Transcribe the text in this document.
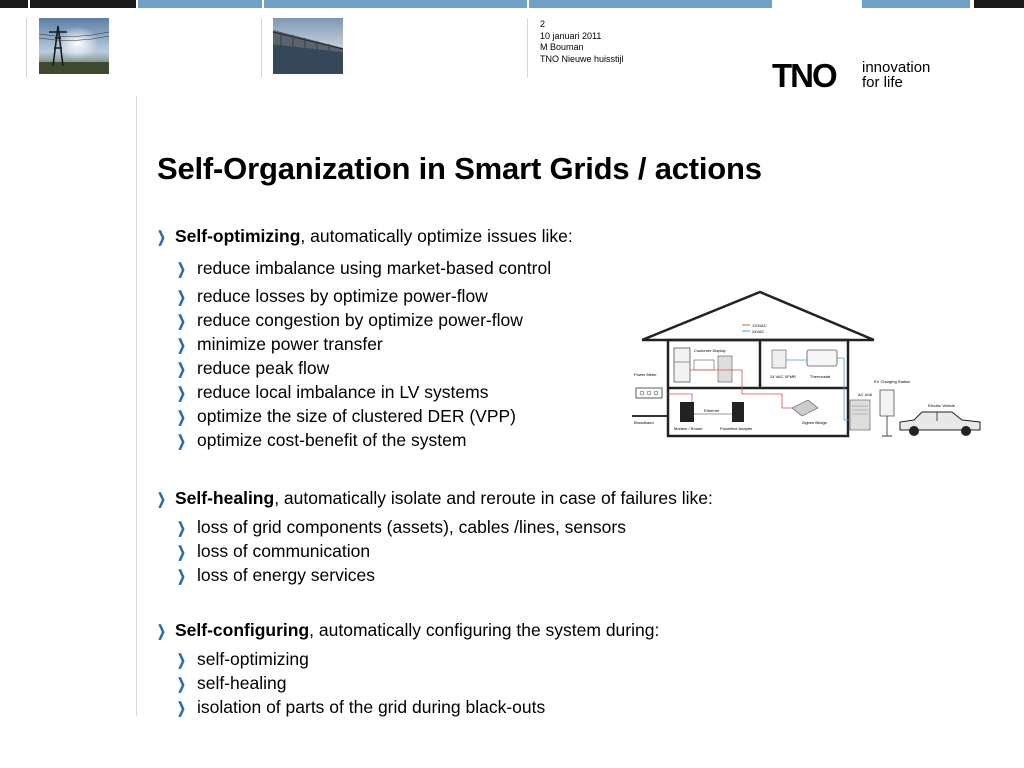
2
10 januari 2011
M Bouman
TNO Nieuwe huisstijl	TNO innovation
for life
Self-Organization in Smart Grids / actions
❯ Self-optimizing, automatically optimize issues like:
❯ reduce imbalance using market-based control
❯ reduce losses by optimize power-flow
❯ reduce congestion by optimize power-flow
❯ minimize power transfer
❯ reduce peak flow
❯ reduce local imbalance in LV systems
❯ optimize the size of clustered DER (VPP)
❯ optimize cost-benefit of the system
❯ Self-healing, automatically isolate and reroute in case of failures like:
❯ loss of grid components (assets), cables /lines, sensors
❯ loss of communication
❯ loss of energy services
❯ Self-configuring, automatically configuring the system during:
❯ self-optimizing
❯ self-healing
❯ isolation of parts of the grid during black-outs
120VAC
24VAC
Customer Display
24 VAC XFMR	Thermostat
Power Meter
Broadband
Modem / Router
Ethernet
Powerline Adapter
Zigbee Bridge
AC Unit
EV Charging Station
Electric Vehicle
